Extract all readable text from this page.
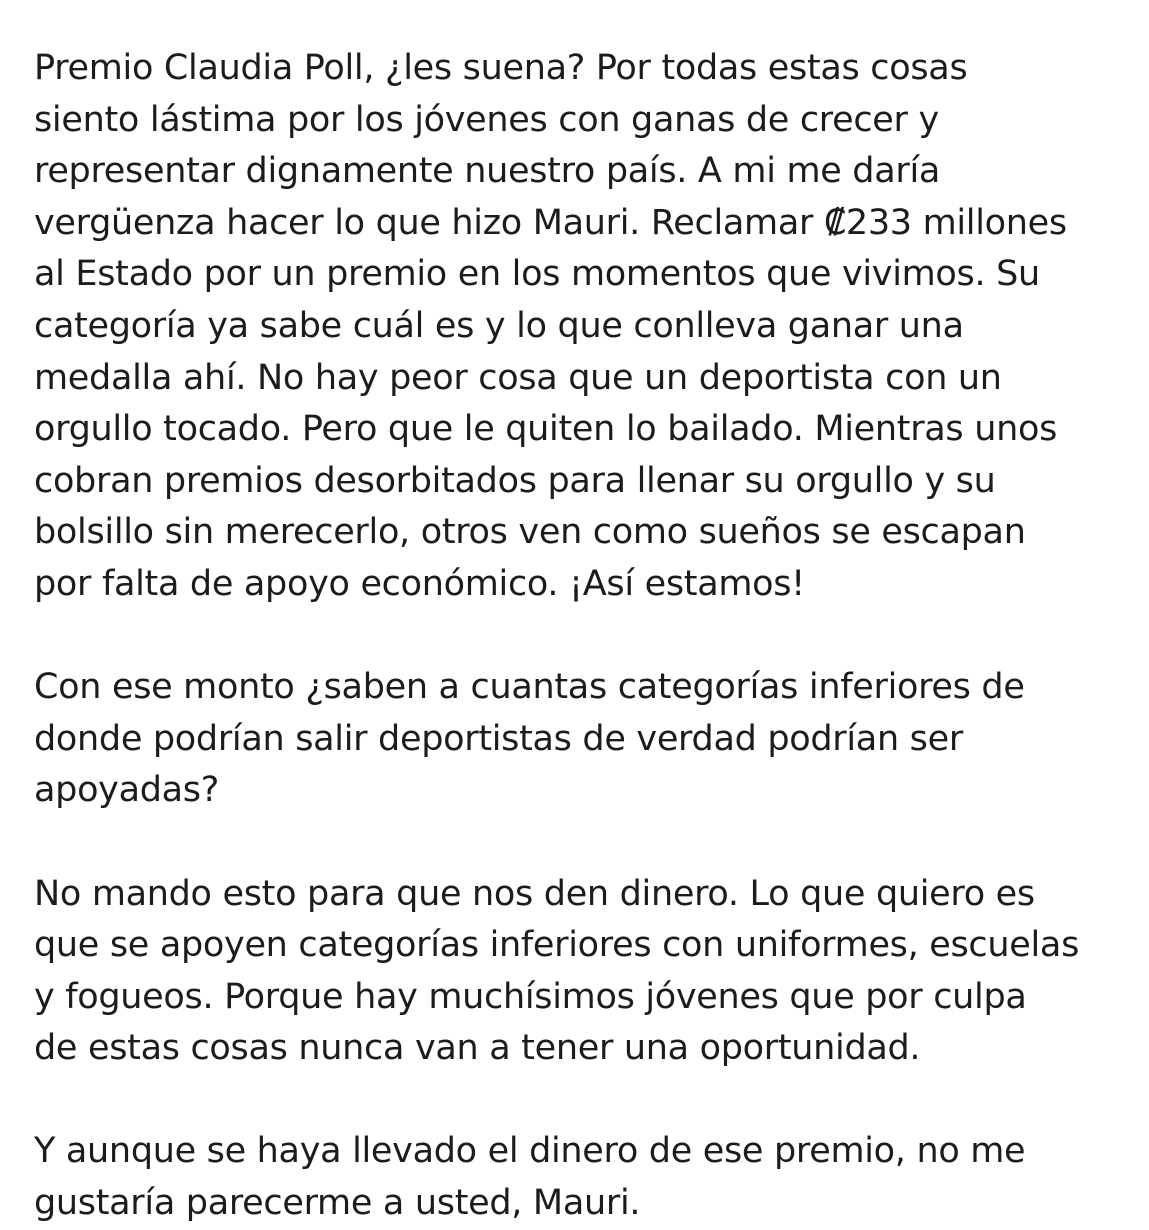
Premio Claudia Poll, ¿les suena? Por todas estas cosas
siento lástima por los jóvenes con ganas de crecer y
representar dignamente nuestro país. A mi me daría
vergüenza hacer lo que hizo Mauri. Reclamar ₡233 millones
al Estado por un premio en los momentos que vivimos. Su
categoría ya sabe cuál es y lo que conlleva ganar una
medalla ahí. No hay peor cosa que un deportista con un
orgullo tocado. Pero que le quiten lo bailado. Mientras unos
cobran premios desorbitados para llenar su orgullo y su
bolsillo sin merecerlo, otros ven como sueños se escapan
por falta de apoyo económico. ¡Así estamos!

Con ese monto ¿saben a cuantas categorías inferiores de
donde podrían salir deportistas de verdad podrían ser
apoyadas?

No mando esto para que nos den dinero. Lo que quiero es
que se apoyen categorías inferiores con uniformes, escuelas
y fogueos. Porque hay muchísimos jóvenes que por culpa
de estas cosas nunca van a tener una oportunidad.

Y aunque se haya llevado el dinero de ese premio, no me
gustaría parecerme a usted, Mauri.
